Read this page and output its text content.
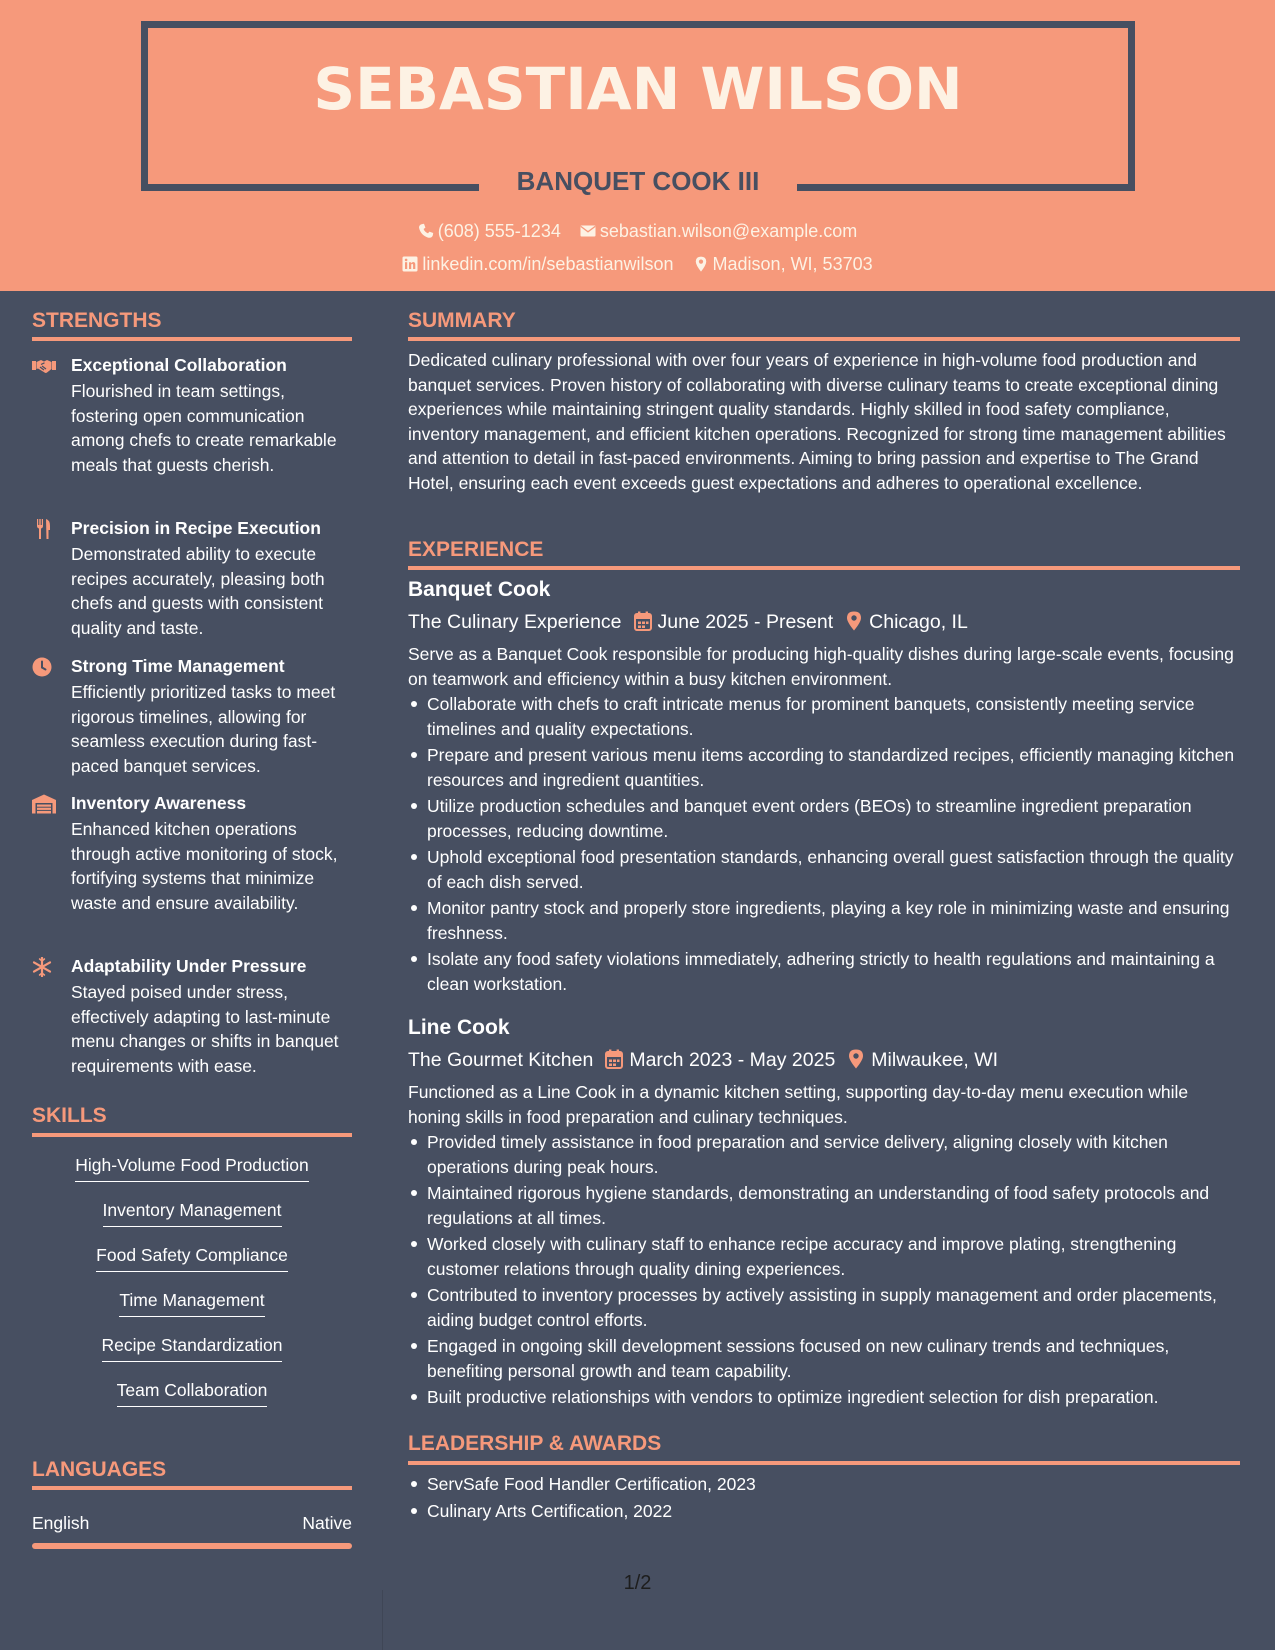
SEBASTIAN WILSON
BANQUET COOK III
(608) 555-1234 sebastian.wilson@example.com
linkedin.com/in/sebastianwilson Madison, WI, 53703
STRENGTHS
Exceptional Collaboration
Flourished in team settings, fostering open communication among chefs to create remarkable meals that guests cherish.
Precision in Recipe Execution
Demonstrated ability to execute recipes accurately, pleasing both chefs and guests with consistent quality and taste.
Strong Time Management
Efficiently prioritized tasks to meet rigorous timelines, allowing for seamless execution during fast-paced banquet services.
Inventory Awareness
Enhanced kitchen operations through active monitoring of stock, fortifying systems that minimize waste and ensure availability.
Adaptability Under Pressure
Stayed poised under stress, effectively adapting to last-minute menu changes or shifts in banquet requirements with ease.
SKILLS
High-Volume Food Production
Inventory Management
Food Safety Compliance
Time Management
Recipe Standardization
Team Collaboration
LANGUAGES
English	Native
SUMMARY
Dedicated culinary professional with over four years of experience in high-volume food production and banquet services. Proven history of collaborating with diverse culinary teams to create exceptional dining experiences while maintaining stringent quality standards. Highly skilled in food safety compliance, inventory management, and efficient kitchen operations. Recognized for strong time management abilities and attention to detail in fast-paced environments. Aiming to bring passion and expertise to The Grand Hotel, ensuring each event exceeds guest expectations and adheres to operational excellence.
EXPERIENCE
Banquet Cook
The Culinary Experience June 2025 - Present Chicago, IL
Serve as a Banquet Cook responsible for producing high-quality dishes during large-scale events, focusing on teamwork and efficiency within a busy kitchen environment.
Collaborate with chefs to craft intricate menus for prominent banquets, consistently meeting service timelines and quality expectations.
Prepare and present various menu items according to standardized recipes, efficiently managing kitchen resources and ingredient quantities.
Utilize production schedules and banquet event orders (BEOs) to streamline ingredient preparation processes, reducing downtime.
Uphold exceptional food presentation standards, enhancing overall guest satisfaction through the quality of each dish served.
Monitor pantry stock and properly store ingredients, playing a key role in minimizing waste and ensuring freshness.
Isolate any food safety violations immediately, adhering strictly to health regulations and maintaining a clean workstation.
Line Cook
The Gourmet Kitchen March 2023 - May 2025 Milwaukee, WI
Functioned as a Line Cook in a dynamic kitchen setting, supporting day-to-day menu execution while honing skills in food preparation and culinary techniques.
Provided timely assistance in food preparation and service delivery, aligning closely with kitchen operations during peak hours.
Maintained rigorous hygiene standards, demonstrating an understanding of food safety protocols and regulations at all times.
Worked closely with culinary staff to enhance recipe accuracy and improve plating, strengthening customer relations through quality dining experiences.
Contributed to inventory processes by actively assisting in supply management and order placements, aiding budget control efforts.
Engaged in ongoing skill development sessions focused on new culinary trends and techniques, benefiting personal growth and team capability.
Built productive relationships with vendors to optimize ingredient selection for dish preparation.
LEADERSHIP & AWARDS
ServSafe Food Handler Certification, 2023
Culinary Arts Certification, 2022
1/2
